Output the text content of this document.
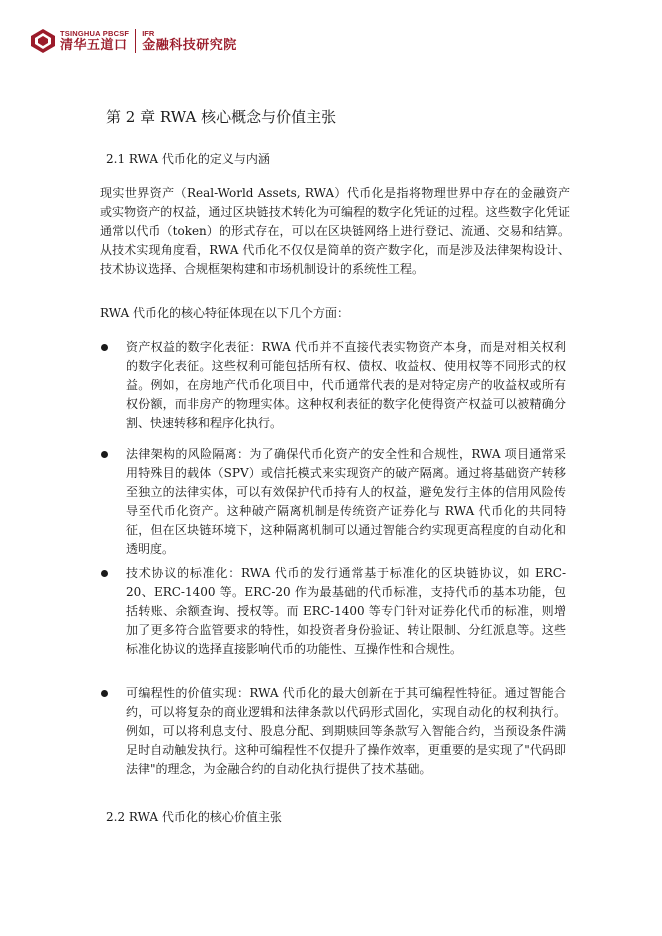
TSINGHUA PBCSF
清华五道口
IFR
金融科技研究院
第 2 章 RWA 核心概念与价值主张
2.1 RWA 代币化的定义与内涵

现实世界资产（Real-World Assets, RWA）代币化是指将物理世界中存在的金融资产或实物资产的权益，通过区块链技术转化为可编程的数字化凭证的过程。这些数字化凭证通常以代币（token）的形式存在，可以在区块链网络上进行登记、流通、交易和结算。从技术实现角度看，RWA 代币化不仅仅是简单的资产数字化，而是涉及法律架构设计、技术协议选择、合规框架构建和市场机制设计的系统性工程。

RWA 代币化的核心特征体现在以下几个方面：

资产权益的数字化表征：RWA 代币并不直接代表实物资产本身，而是对相关权利的数字化表征。这些权利可能包括所有权、债权、收益权、使用权等不同形式的权益。例如，在房地产代币化项目中，代币通常代表的是对特定房产的收益权或所有权份额，而非房产的物理实体。这种权利表征的数字化使得资产权益可以被精确分割、快速转移和程序化执行。
法律架构的风险隔离：为了确保代币化资产的安全性和合规性，RWA 项目通常采用特殊目的载体（SPV）或信托模式来实现资产的破产隔离。通过将基础资产转移至独立的法律实体，可以有效保护代币持有人的权益，避免发行主体的信用风险传导至代币化资产。这种破产隔离机制是传统资产证券化与 RWA 代币化的共同特征，但在区块链环境下，这种隔离机制可以通过智能合约实现更高程度的自动化和透明度。
技术协议的标准化：RWA 代币的发行通常基于标准化的区块链协议，如 ERC-20、ERC-1400 等。ERC-20 作为最基础的代币标准，支持代币的基本功能，包括转账、余额查询、授权等。而 ERC-1400 等专门针对证券化代币的标准，则增加了更多符合监管要求的特性，如投资者身份验证、转让限制、分红派息等。这些标准化协议的选择直接影响代币的功能性、互操作性和合规性。
可编程性的价值实现：RWA 代币化的最大创新在于其可编程性特征。通过智能合约，可以将复杂的商业逻辑和法律条款以代码形式固化，实现自动化的权利执行。例如，可以将利息支付、股息分配、到期赎回等条款写入智能合约，当预设条件满足时自动触发执行。这种可编程性不仅提升了操作效率，更重要的是实现了"代码即法律"的理念，为金融合约的自动化执行提供了技术基础。
2.2 RWA 代币化的核心价值主张
